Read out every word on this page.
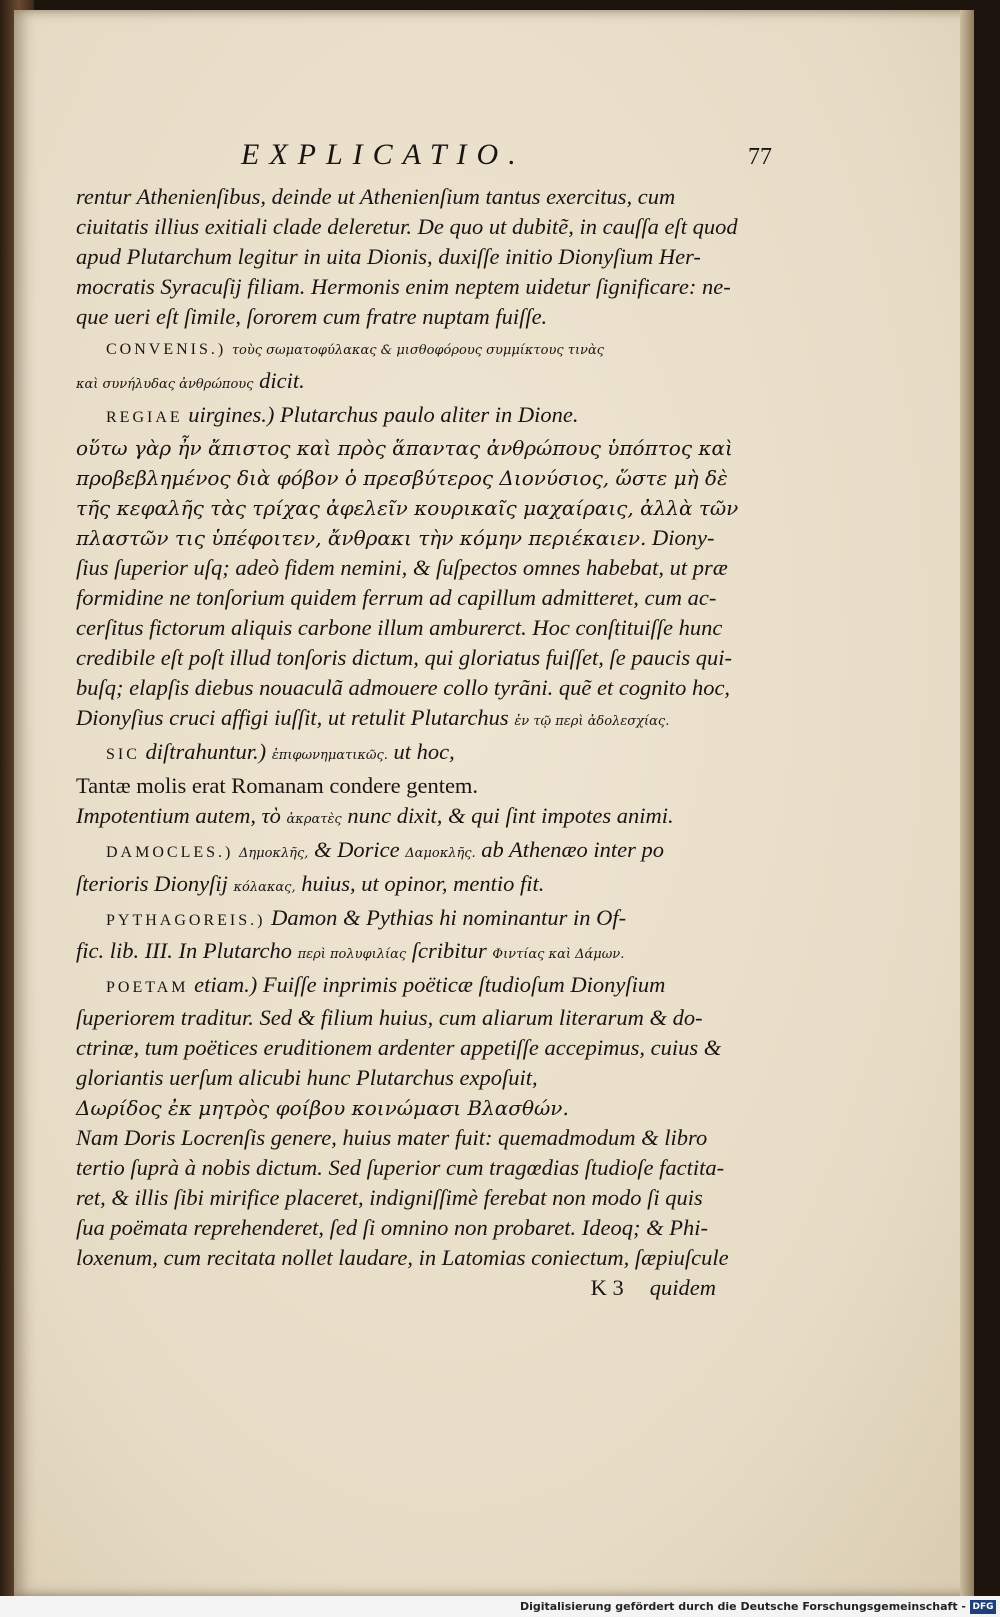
EXPLICATIO.	77
rentur Athenienſibus, deinde ut Athenienſium tantus exercitus, cum
ciuitatis illius exitiali clade deleretur. De quo ut dubitẽ, in cauſſa eſt quod
apud Plutarchum legitur in uita Dionis, duxiſſe initio Dionyſium Her-
mocratis Syracuſij filiam. Hermonis enim neptem uidetur ſignificare: ne-
que ueri eſt ſimile, ſororem cum fratre nuptam fuiſſe.
CONVENIS.) τοὺς σωματοφύλακας & μισθοφόρους συμμίκτους τινὰς
καὶ συνήλυδας ἀνθρώπους dicit.
REGIAE uirgines.) Plutarchus paulo aliter in Dione.
οὕτω γὰρ ἦν ἄπιστος καὶ πρὸς ἅπαντας ἀνθρώπους ὑπόπτος καὶ
προβεβλημένος διὰ φόβον ὁ πρεσβύτερος Διονύσιος, ὥστε μὴ δὲ
τῆς κεφαλῆς τὰς τρίχας ἀφελεῖν κουρικαῖς μαχαίραις, ἀλλὰ τῶν
πλαστῶν τις ὑπέφοιτεν, ἄνθρακι τὴν κόμην περιέκαιεν. Diony-
ſius ſuperior uſq; adeò fidem nemini, & ſuſpectos omnes habebat, ut præ
formidine ne tonſorium quidem ferrum ad capillum admitteret, cum ac-
cerſitus fictorum aliquis carbone illum amburerct. Hoc conſtituiſſe hunc
credibile eſt poſt illud tonſoris dictum, qui gloriatus fuiſſet, ſe paucis qui-
buſq; elapſis diebus nouaculã admouere collo tyrãni. quẽ et cognito hoc,
Dionyſius cruci affigi iuſſit, ut retulit Plutarchus ἐν τῷ περὶ ἀδολεσχίας.
SIC diſtrahuntur.) ἐπιφωνηματικῶς. ut hoc,
Tantæ molis erat Romanam condere gentem.
Impotentium autem, τὸ ἀκρατὲς nunc dixit, & qui ſint impotes animi.
DAMOCLES.) Δημοκλῆς, & Dorice Δαμοκλῆς. ab Athenæo inter po
ſterioris Dionyſij κόλακας, huius, ut opinor, mentio fit.
PYTHAGOREIS.) Damon & Pythias hi nominantur in Of-
fic. lib. III. In Plutarcho περὶ πολυφιλίας ſcribitur Φιντίας καὶ Δάμων.
POETAM etiam.) Fuiſſe inprimis poëticæ ſtudioſum Dionyſium
ſuperiorem traditur. Sed & filium huius, cum aliarum literarum & do-
ctrinæ, tum poëtices eruditionem ardenter appetiſſe accepimus, cuius &
gloriantis uerſum alicubi hunc Plutarchus expoſuit,
Δωρίδος ἐκ μητρὸς φοίβου κοινώμασι Βλασθών.
Nam Doris Locrenſis genere, huius mater fuit: quemadmodum & libro
tertio ſuprà à nobis dictum. Sed ſuperior cum tragœdias ſtudioſe factita-
ret, & illis ſibi mirifice placeret, indigniſſimè ferebat non modo ſi quis
ſua poëmata reprehenderet, ſed ſi omnino non probaret. Ideoq; & Phi-
loxenum, cum recitata nollet laudare, in Latomias coniectum, ſæpiuſcule
K 3 quidem
Digitalisierung gefördert durch die Deutsche Forschungsgemeinschaft - DFG
